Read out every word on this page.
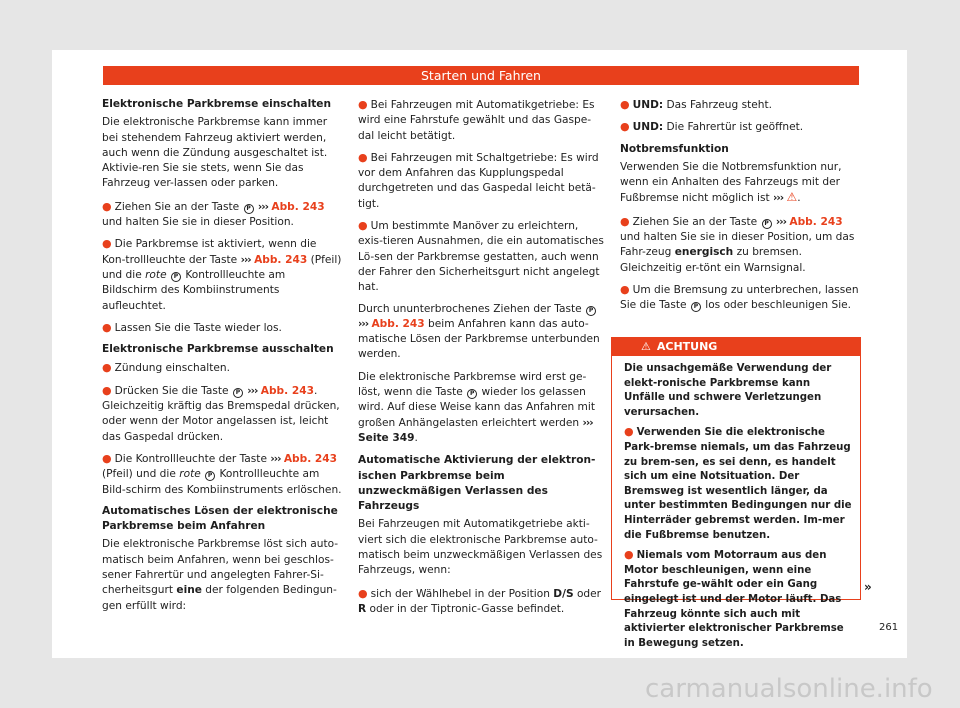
Starten und Fahren

Elektronische Parkbremse einschalten

Die elektronische Parkbremse kann immer bei stehendem Fahrzeug aktiviert werden, auch wenn die Zündung ausgeschaltet ist. Aktivie-ren Sie sie stets, wenn Sie das Fahrzeug ver-lassen oder parken.

● Ziehen Sie an der Taste P ››› Abb. 243 und halten Sie sie in dieser Position.

● Die Parkbremse ist aktiviert, wenn die Kon-trollleuchte der Taste ››› Abb. 243 (Pfeil) und die rote P Kontrollleuchte am Bildschirm des Kombiinstruments aufleuchtet.

● Lassen Sie die Taste wieder los.

Elektronische Parkbremse ausschalten

● Zündung einschalten.

● Drücken Sie die Taste P ››› Abb. 243. Gleichzeitig kräftig das Bremspedal drücken, oder wenn der Motor angelassen ist, leicht das Gaspedal drücken.

● Die Kontrollleuchte der Taste ››› Abb. 243 (Pfeil) und die rote P Kontrollleuchte am Bild-schirm des Kombiinstruments erlöschen.

Automatisches Lösen der elektronische Parkbremse beim Anfahren

Die elektronische Parkbremse löst sich auto-matisch beim Anfahren, wenn bei geschlos-sener Fahrertür und angelegten Fahrer-Si-cherheitsgurt eine der folgenden Bedingun-gen erfüllt wird:

● Bei Fahrzeugen mit Automatikgetriebe: Es wird eine Fahrstufe gewählt und das Gaspe-dal leicht betätigt.

● Bei Fahrzeugen mit Schaltgetriebe: Es wird vor dem Anfahren das Kupplungspedal durchgetreten und das Gaspedal leicht betä-tigt.

● Um bestimmte Manöver zu erleichtern, exis-tieren Ausnahmen, die ein automatisches Lö-sen der Parkbremse gestatten, auch wenn der Fahrer den Sicherheitsgurt nicht angelegt hat.

Durch ununterbrochenes Ziehen der Taste P ››› Abb. 243 beim Anfahren kann das auto-matische Lösen der Parkbremse unterbunden werden.

Die elektronische Parkbremse wird erst ge-löst, wenn die Taste P wieder los gelassen wird. Auf diese Weise kann das Anfahren mit großen Anhängelasten erleichtert werden ››› Seite 349.

Automatische Aktivierung der elektron-ischen Parkbremse beim unzweckmäßigen Verlassen des Fahrzeugs

Bei Fahrzeugen mit Automatikgetriebe akti-viert sich die elektronische Parkbremse auto-matisch beim unzweckmäßigen Verlassen des Fahrzeugs, wenn:

● sich der Wählhebel in der Position D/S oder R oder in der Tiptronic-Gasse befindet.

● UND: Das Fahrzeug steht.

● UND: Die Fahrertür ist geöffnet.

Notbremsfunktion

Verwenden Sie die Notbremsfunktion nur, wenn ein Anhalten des Fahrzeugs mit der Fußbremse nicht möglich ist ››› ⚠.

● Ziehen Sie an der Taste P ››› Abb. 243 und halten Sie sie in dieser Position, um das Fahr-zeug energisch zu bremsen. Gleichzeitig er-tönt ein Warnsignal.

● Um die Bremsung zu unterbrechen, lassen Sie die Taste P los oder beschleunigen Sie.

⚠ ACHTUNG

Die unsachgemäße Verwendung der elekt-ronische Parkbremse kann Unfälle und schwere Verletzungen verursachen.

● Verwenden Sie die elektronische Park-bremse niemals, um das Fahrzeug zu brem-sen, es sei denn, es handelt sich um eine Notsituation. Der Bremsweg ist wesentlich länger, da unter bestimmten Bedingungen nur die Hinterräder gebremst werden. Im-mer die Fußbremse benutzen.

● Niemals vom Motorraum aus den Motor beschleunigen, wenn eine Fahrstufe ge-wählt oder ein Gang eingelegt ist und der Motor läuft. Das Fahrzeug könnte sich auch mit aktivierter elektronischer Parkbremse in Bewegung setzen.

»
261
carmanualsonline.info
